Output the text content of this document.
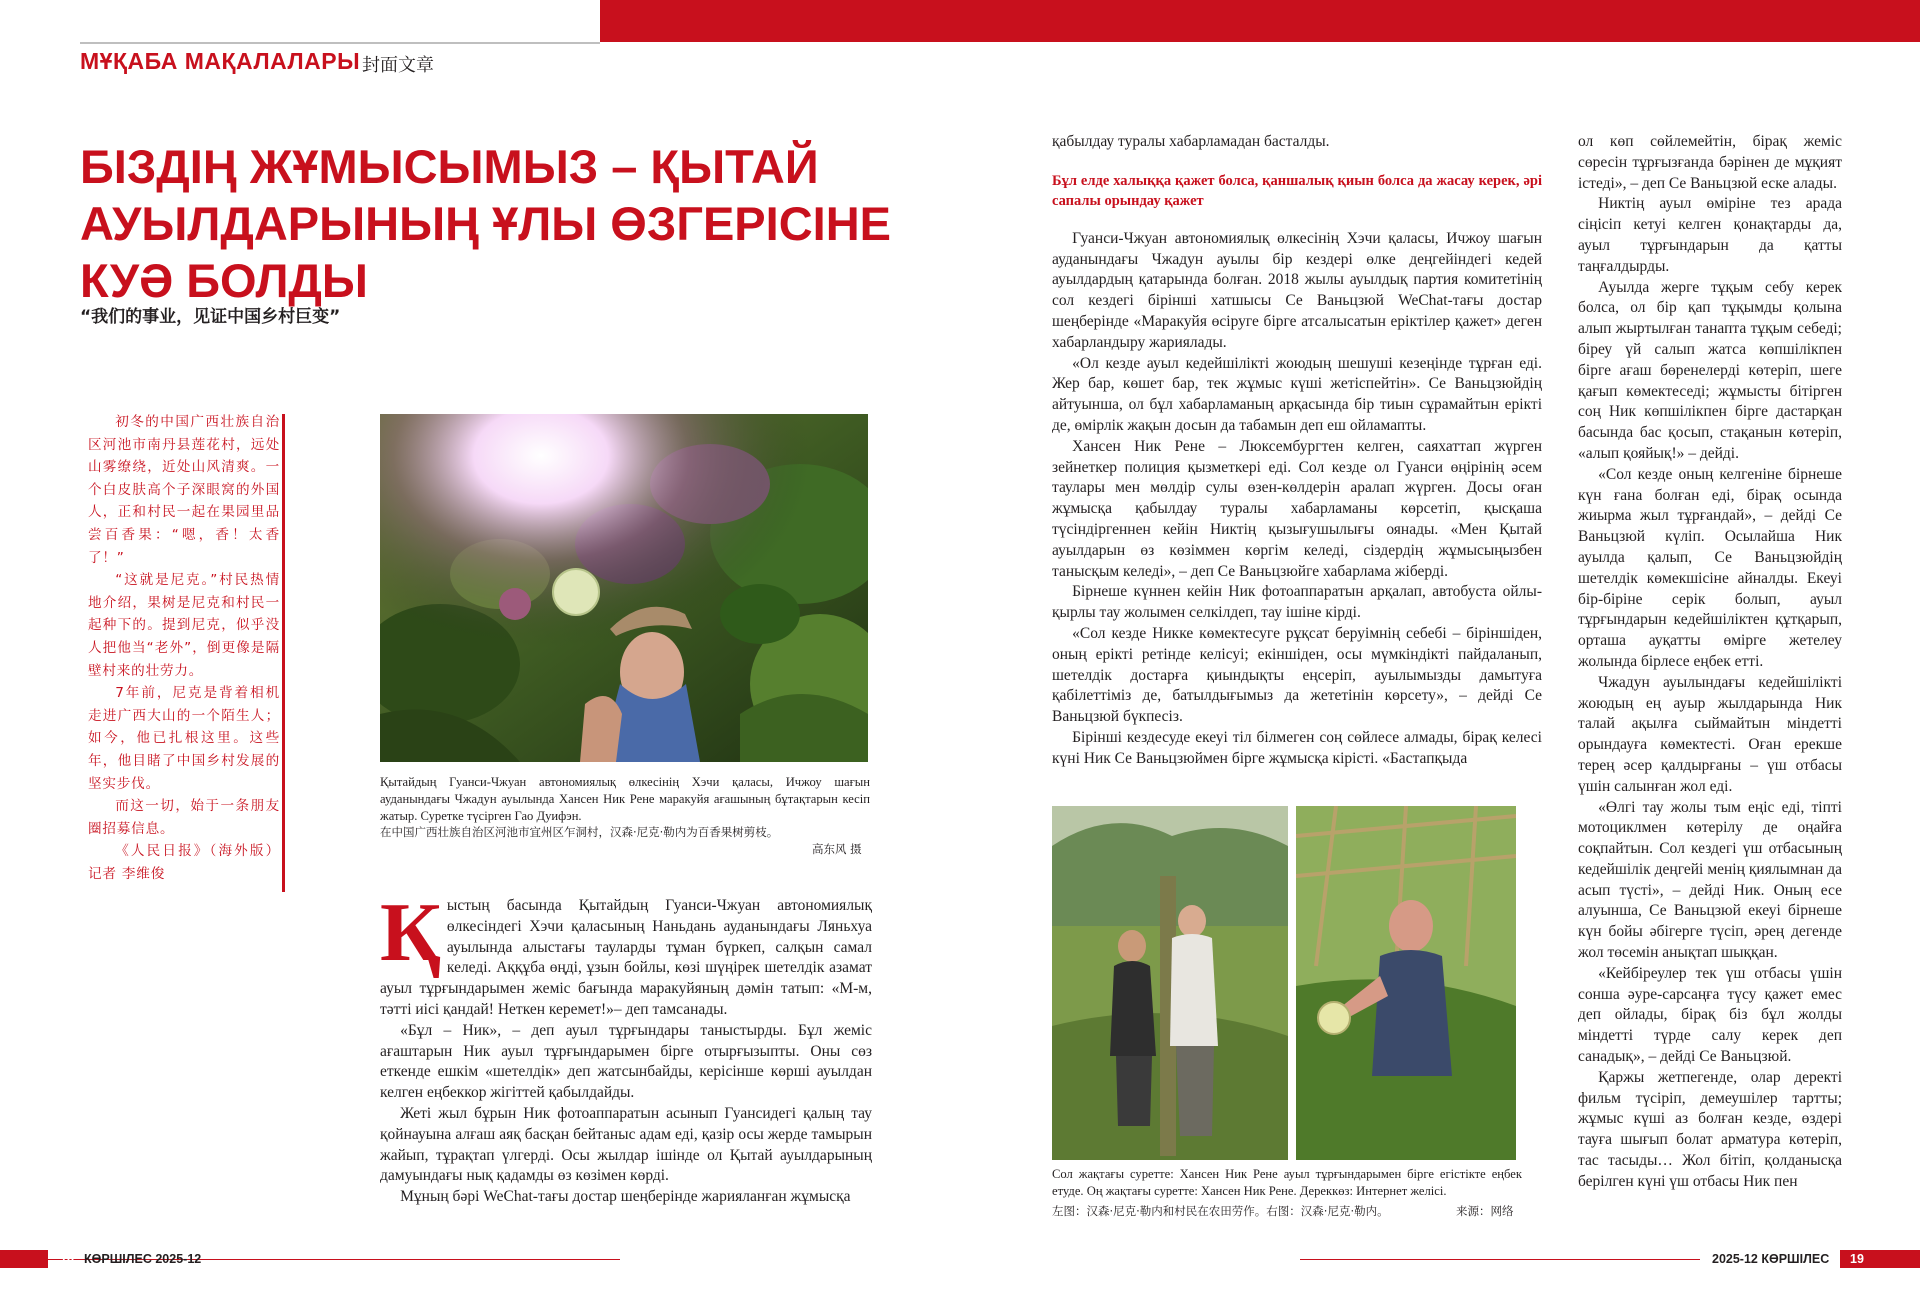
МҰҚАБА МАҚАЛАЛАРЫ 封面文章
БІЗДІҢ ЖҰМЫСЫМЫЗ – ҚЫТАЙ
АУЫЛДАРЫНЫҢ ҰЛЫ ӨЗГЕРІСІНЕ
КУӘ БОЛДЫ
“我们的事业，见证中国乡村巨变”

初冬的中国广西壮族自治区河池市南丹县莲花村，远处山雾缭绕，近处山风清爽。一个白皮肤高个子深眼窝的外国人，正和村民一起在果园里品尝百香果：“嗯，香！太香了！”

“这就是尼克。”村民热情地介绍，果树是尼克和村民一起种下的。提到尼克，似乎没人把他当“老外”，倒更像是隔壁村来的壮劳力。

7年前，尼克是背着相机走进广西大山的一个陌生人；如今，他已扎根这里。这些年，他目睹了中国乡村发展的坚实步伐。

而这一切，始于一条朋友圈招募信息。

《人民日报》（海外版）记者 李维俊

Қытайдың Гуанси-Чжуан автономиялық өлкесінің Хэчи қаласы, Ичжоу шағын ауданындағы Чжадун ауылында Хансен Ник Рене маракуйя ағашының бұтақтарын кесіп жатыр. Суретке түсірген Гао Дуифэн.
在中国广西壮族自治区河池市宜州区乍洞村，汉森·尼克·勒内为百香果树剪枝。
高东风 摄

Қыстың басында Қытайдың Гуанси-Чжуан автономиялық өлкесіндегі Хэчи қаласының Наньдань ауданындағы Ляньхуа ауылында алыстағы тауларды тұман бүркеп, салқын самал келеді. Аққұба өңді, ұзын бойлы, көзі шүңірек шетелдік азамат ауыл тұрғындарымен жеміс бағында маракуйяның дәмін татып: «М-м, тәтті иісі қандай! Неткен керемет!»– деп тамсанады.

«Бұл – Ник», – деп ауыл тұрғындары таныстырды. Бұл жеміс ағаштарын Ник ауыл тұрғындарымен бірге отырғызыпты. Оны сөз еткенде ешкім «шетелдік» деп жатсынбайды, керісінше көрші ауылдан келген еңбеккор жігіттей қабылдайды.

Жеті жыл бұрын Ник фотоаппаратын асынып Гуансидегі қалың тау қойнауына алғаш аяқ басқан бейтаныс адам еді, қазір осы жерде тамырын жайып, тұрақтап үлгерді. Осы жылдар ішінде ол Қытай ауылдарының дамуындағы нық қадамды өз көзімен көрді.

Мұның бәрі WeChat-тағы достар шеңберінде жарияланған жұмысқа

қабылдау туралы хабарламадан басталды.

Бұл елде халыққа қажет болса, қаншалық қиын болса да жасау керек, әрі сапалы орындау қажет

Гуанси-Чжуан автономиялық өлкесінің Хэчи қаласы, Ичжоу шағын ауданындағы Чжадун ауылы бір кездері өлке деңгейіндегі кедей ауылдардың қатарында болған. 2018 жылы ауылдық партия комитетінің сол кездегі бірінші хатшысы Се Ваньцзюй WeChat-тағы достар шеңберінде «Маракуйя өсіруге бірге атсалысатын еріктілер қажет» деген хабарландыру жариялады.

«Ол кезде ауыл кедейшілікті жоюдың шешуші кезеңінде тұрған еді. Жер бар, көшет бар, тек жұмыс күші жетіспейтін». Се Ваньцзюйдің айтуынша, ол бұл хабарламаның арқасында бір тиын сұрамайтын ерікті де, өмірлік жақын досын да табамын деп еш ойламапты.

Хансен Ник Рене – Люксембургтен келген, саяхаттап жүрген зейнеткер полиция қызметкері еді. Сол кезде ол Гуанси өңірінің әсем таулары мен мөлдір сулы өзен-көлдерін аралап жүрген. Досы оған жұмысқа қабылдау туралы хабарламаны көрсетіп, қысқаша түсіндіргеннен кейін Никтің қызығушылығы оянады. «Мен Қытай ауылдарын өз көзіммен көргім келеді, сіздердің жұмысыңызбен танысқым келеді», – деп Се Ваньцзюйге хабарлама жіберді.

Бірнеше күннен кейін Ник фотоаппаратын арқалап, автобуста ойлы-қырлы тау жолымен селкілдеп, тау ішіне кірді.

«Сол кезде Никке көмектесуге рұқсат беруімнің себебі – біріншіден, оның ерікті ретінде келісуі; екіншіден, осы мүмкіндікті пайдаланып, шетелдік достарға қиындықты еңсеріп, ауылымызды дамытуға қабілеттіміз де, батылдығымыз да жететінін көрсету», – дейді Се Ваньцзюй бүкпесіз.

Бірінші кездесуде екеуі тіл білмеген соң сөйлесе алмады, бірақ келесі күні Ник Се Ваньцзюймен бірге жұмысқа кірісті. «Бастапқыда

Сол жақтағы суретте: Хансен Ник Рене ауыл тұрғындарымен бірге егістікте еңбек етуде. Оң жақтағы суретте: Хансен Ник Рене. Дереккөз: Интернет желісі.
左图：汉森·尼克·勒内和村民在农田劳作。右图：汉森·尼克·勒内。	来源：网络

ол көп сөйлемейтін, бірақ жеміс сөресін тұрғызғанда бәрінен де мұқият істеді», – деп Се Ваньцзюй еске алады.

Никтің ауыл өміріне тез арада сіңісіп кетуі келген қонақтарды да, ауыл тұрғындарын да қатты таңғалдырды.

Ауылда жерге тұқым себу керек болса, ол бір қап тұқымды қолына алып жыртылған танапта тұқым себеді; біреу үй салып жатса көпшілікпен бірге ағаш бөренелерді көтеріп, шеге қағып көмектеседі; жұмысты бітірген соң Ник көпшілікпен бірге дастарқан басында бас қосып, стақанын көтеріп, «алып қояйық!» – дейді.

«Сол кезде оның келгеніне бірнеше күн ғана болған еді, бірақ осында жиырма жыл тұрғандай», – дейді Се Ваньцзюй күліп. Осылайша Ник ауылда қалып, Се Ваньцзюйдің шетелдік көмекшісіне айналды. Екеуі бір-біріне серік болып, ауыл тұрғындарын кедейшіліктен құтқарып, орташа ауқатты өмірге жетелеу жолында бірлесе еңбек етті.

Чжадун ауылындағы кедейшілікті жоюдың ең ауыр жылдарында Ник талай ақылға сыймайтын міндетті орындауға көмектесті. Оған ерекше терең әсер қалдырғаны – үш отбасы үшін салынған жол еді.

«Өлгі тау жолы тым еңіс еді, тіпті мотоциклмен көтерілу де оңайға соқпайтын. Сол кездегі үш отбасының кедейшілік деңгейі менің қиялымнан да асып түсті», – дейді Ник. Оның есе алуынша, Се Ваньцзюй екеуі бірнеше күн бойы әбігерге түсіп, әрең дегенде жол төсемін анықтап шыққан.

«Кейбіреулер тек үш отбасы үшін сонша әуре-сарсаңға түсу қажет емес деп ойлады, бірақ біз бұл жолды міндетті түрде салу керек деп санадық», – дейді Се Ваньцзюй.

Қаржы жетпегенде, олар деректі фильм түсіріп, демеушілер тартты; жұмыс күші аз болған кезде, өздері тауға шығып болат арматура көтеріп, тас тасыды… Жол бітіп, қолданысқа берілген күні үш отбасы Ник пен

18 КӨРШІЛЕС 2025-12	2025-12 КӨРШІЛЕС 19
